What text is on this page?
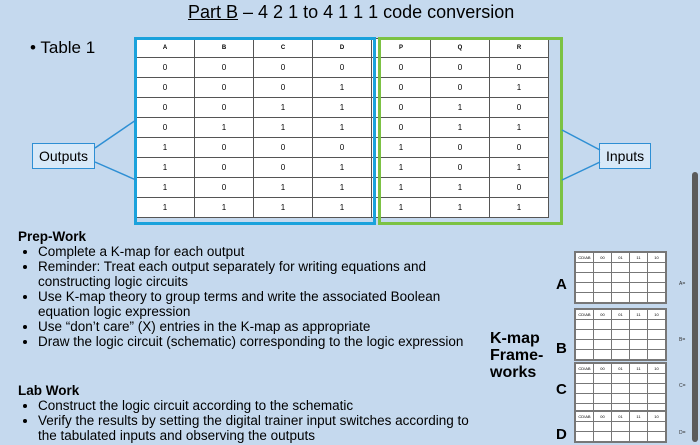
Part B – 4 2 1 to 4 1 1 1 code conversion
• Table 1	A	B	C	D	P	Q	R
0	0	0	0	0	0	0
0	0	0	1	0	0	1
0	0	1	1	0	1	0
0	1	1	1	0	1	1
1	0	0	0	1	0	0
1	0	0	1	1	0	1
1	0	1	1	1	1	0
1	1	1	1	1	1	1
Outputs	Inputs
Prep-Work
• Complete a K-map for each output
• Reminder: Treat each output separately for writing equations and constructing logic circuits
• Use K-map theory to group terms and write the associated Boolean equation logic expression
• Use “don’t care” (X) entries in the K-map as appropriate
• Draw the logic circuit (schematic) corresponding to the logic expression
Lab Work
• Construct the logic circuit according to the schematic
• Verify the results by setting the digital trainer input switches according to the tabulated inputs and observing the outputs
K-map
Frame-
works
A
B
C
D
CD\AB	00	01	11	10

CD\AB	00	01	11	10

CD\AB	00	01	11	10

CD\AB	00	01	11	10

A=
B=
C=
D=
